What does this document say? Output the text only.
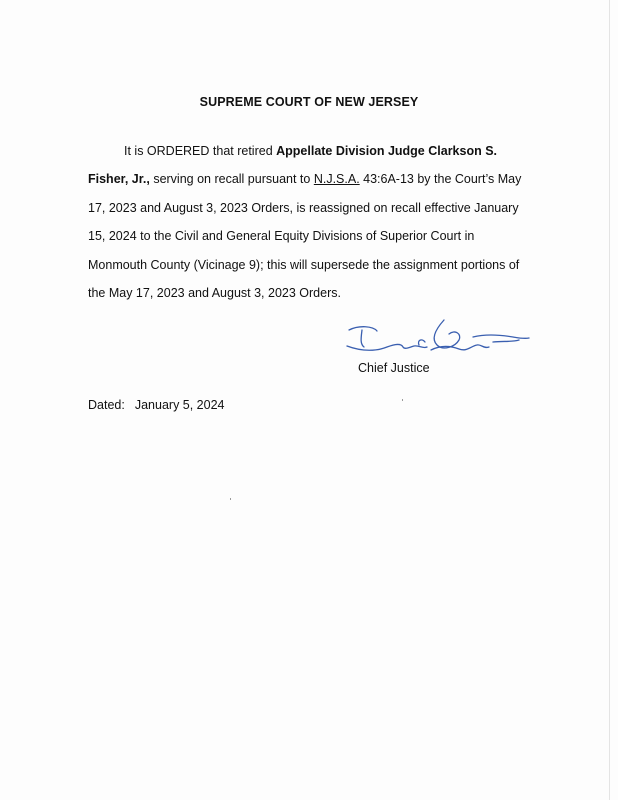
SUPREME COURT OF NEW JERSEY

It is ORDERED that retired Appellate Division Judge Clarkson S. Fisher, Jr., serving on recall pursuant to N.J.S.A. 43:6A-13 by the Court’s May 17, 2023 and August 3, 2023 Orders, is reassigned on recall effective January 15, 2024 to the Civil and General Equity Divisions of Superior Court in Monmouth County (Vicinage 9); this will supersede the assignment portions of the May 17, 2023 and August 3, 2023 Orders.

Chief Justice
Dated: January 5, 2024
